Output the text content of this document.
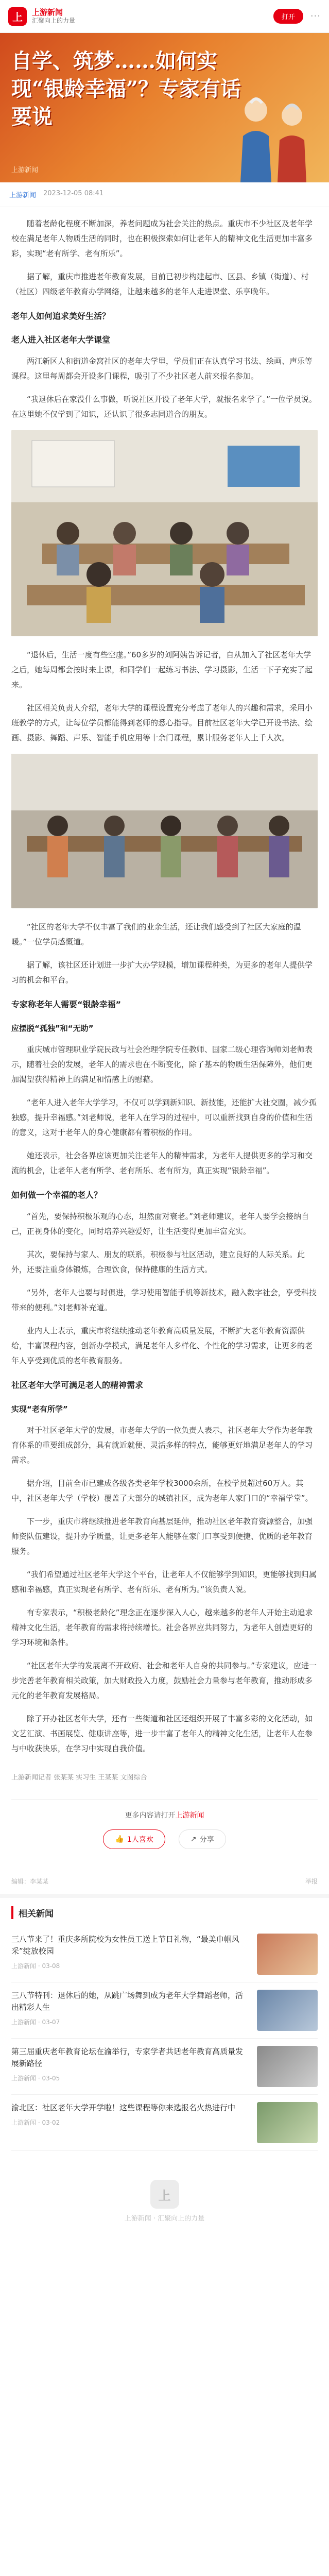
上	上游新闻
汇聚向上的力量	打开	···
自学、筑梦……如何实现“银龄幸福”？专家有话要说
上游新闻
上游新闻 2023-12-05 08:41

随着老龄化程度不断加深，养老问题成为社会关注的热点。重庆市不少社区及老年学校在满足老年人物质生活的同时，也在积极探索如何让老年人的精神文化生活更加丰富多彩，实现“老有所学、老有所乐”。

据了解，重庆市推进老年教育发展，目前已初步构建起市、区县、乡镇（街道）、村（社区）四级老年教育办学网络，让越来越多的老年人走进课堂、乐享晚年。

老年人如何追求美好生活？
老人进入社区老年大学课堂

两江新区人和街道金窝社区的老年大学里，学员们正在认真学习书法、绘画、声乐等课程。这里每周都会开设多门课程，吸引了不少社区老人前来报名参加。

“我退休后在家没什么事做，听说社区开设了老年大学，就报名来学了。”一位学员说。在这里她不仅学到了知识，还认识了很多志同道合的朋友。

“退休后，生活一度有些空虚。”60多岁的刘阿姨告诉记者，自从加入了社区老年大学之后，她每周都会按时来上课，和同学们一起练习书法、学习摄影，生活一下子充实了起来。

社区相关负责人介绍，老年大学的课程设置充分考虑了老年人的兴趣和需求，采用小班教学的方式，让每位学员都能得到老师的悉心指导。目前社区老年大学已开设书法、绘画、摄影、舞蹈、声乐、智能手机应用等十余门课程，累计服务老年人上千人次。

“社区的老年大学不仅丰富了我们的业余生活，还让我们感受到了社区大家庭的温暖。”一位学员感慨道。

据了解，该社区还计划进一步扩大办学规模，增加课程种类，为更多的老年人提供学习的机会和平台。

专家称老年人需要“银龄幸福”
应摆脱“孤独”和“无助”

重庆城市管理职业学院民政与社会治理学院专任教师、国家二级心理咨询师刘老师表示，随着社会的发展，老年人的需求也在不断变化，除了基本的物质生活保障外，他们更加渴望获得精神上的满足和情感上的慰藉。

“老年人进入老年大学学习，不仅可以学到新知识、新技能，还能扩大社交圈，减少孤独感，提升幸福感。”刘老师说，老年人在学习的过程中，可以重新找到自身的价值和生活的意义，这对于老年人的身心健康都有着积极的作用。

她还表示，社会各界应该更加关注老年人的精神需求，为老年人提供更多的学习和交流的机会，让老年人老有所学、老有所乐、老有所为，真正实现“银龄幸福”。

如何做一个幸福的老人？

“首先，要保持积极乐观的心态，坦然面对衰老。”刘老师建议，老年人要学会接纳自己，正视身体的变化，同时培养兴趣爱好，让生活变得更加丰富充实。

其次，要保持与家人、朋友的联系，积极参与社区活动，建立良好的人际关系。此外，还要注重身体锻炼，合理饮食，保持健康的生活方式。

“另外，老年人也要与时俱进，学习使用智能手机等新技术，融入数字社会，享受科技带来的便利。”刘老师补充道。

业内人士表示，重庆市将继续推动老年教育高质量发展，不断扩大老年教育资源供给，丰富课程内容，创新办学模式，满足老年人多样化、个性化的学习需求，让更多的老年人享受到优质的老年教育服务。

社区老年大学可满足老人的精神需求
实现“老有所学”

对于社区老年大学的发展，市老年大学的一位负责人表示，社区老年大学作为老年教育体系的重要组成部分，具有就近就便、灵活多样的特点，能够更好地满足老年人的学习需求。

据介绍，目前全市已建成各级各类老年学校3000余所，在校学员超过60万人。其中，社区老年大学（学校）覆盖了大部分的城镇社区，成为老年人家门口的“幸福学堂”。

下一步，重庆市将继续推进老年教育向基层延伸，推动社区老年教育资源整合，加强师资队伍建设，提升办学质量，让更多老年人能够在家门口享受到便捷、优质的老年教育服务。

“我们希望通过社区老年大学这个平台，让老年人不仅能够学到知识，更能够找到归属感和幸福感，真正实现老有所学、老有所乐、老有所为。”该负责人说。

有专家表示，“积极老龄化”理念正在逐步深入人心，越来越多的老年人开始主动追求精神文化生活，老年教育的需求将持续增长。社会各界应共同努力，为老年人创造更好的学习环境和条件。

“社区老年大学的发展离不开政府、社会和老年人自身的共同参与。”专家建议，应进一步完善老年教育相关政策，加大财政投入力度，鼓励社会力量参与老年教育，推动形成多元化的老年教育发展格局。

除了开办社区老年大学，还有一些街道和社区还组织开展了丰富多彩的文化活动，如文艺汇演、书画展览、健康讲座等，进一步丰富了老年人的精神文化生活，让老年人在参与中收获快乐，在学习中实现自我价值。

上游新闻记者 张某某 实习生 王某某 文图综合
更多内容请打开上游新闻
👍 1人喜欢	↗ 分享
编辑：李某某	举报
相关新闻
三八节来了！重庆多所院校为女性员工送上节日礼物，“最美巾帼风采”绽放校园
上游新闻 · 03-08
三八节特刊：退休后的她，从跳广场舞到成为老年大学舞蹈老师，活出精彩人生
上游新闻 · 03-07
第三届重庆老年教育论坛在渝举行，专家学者共话老年教育高质量发展新路径
上游新闻 · 03-05
渝北区：社区老年大学开学啦！这些课程等你来选报名火热进行中
上游新闻 · 03-02
上
上游新闻 · 汇聚向上的力量
